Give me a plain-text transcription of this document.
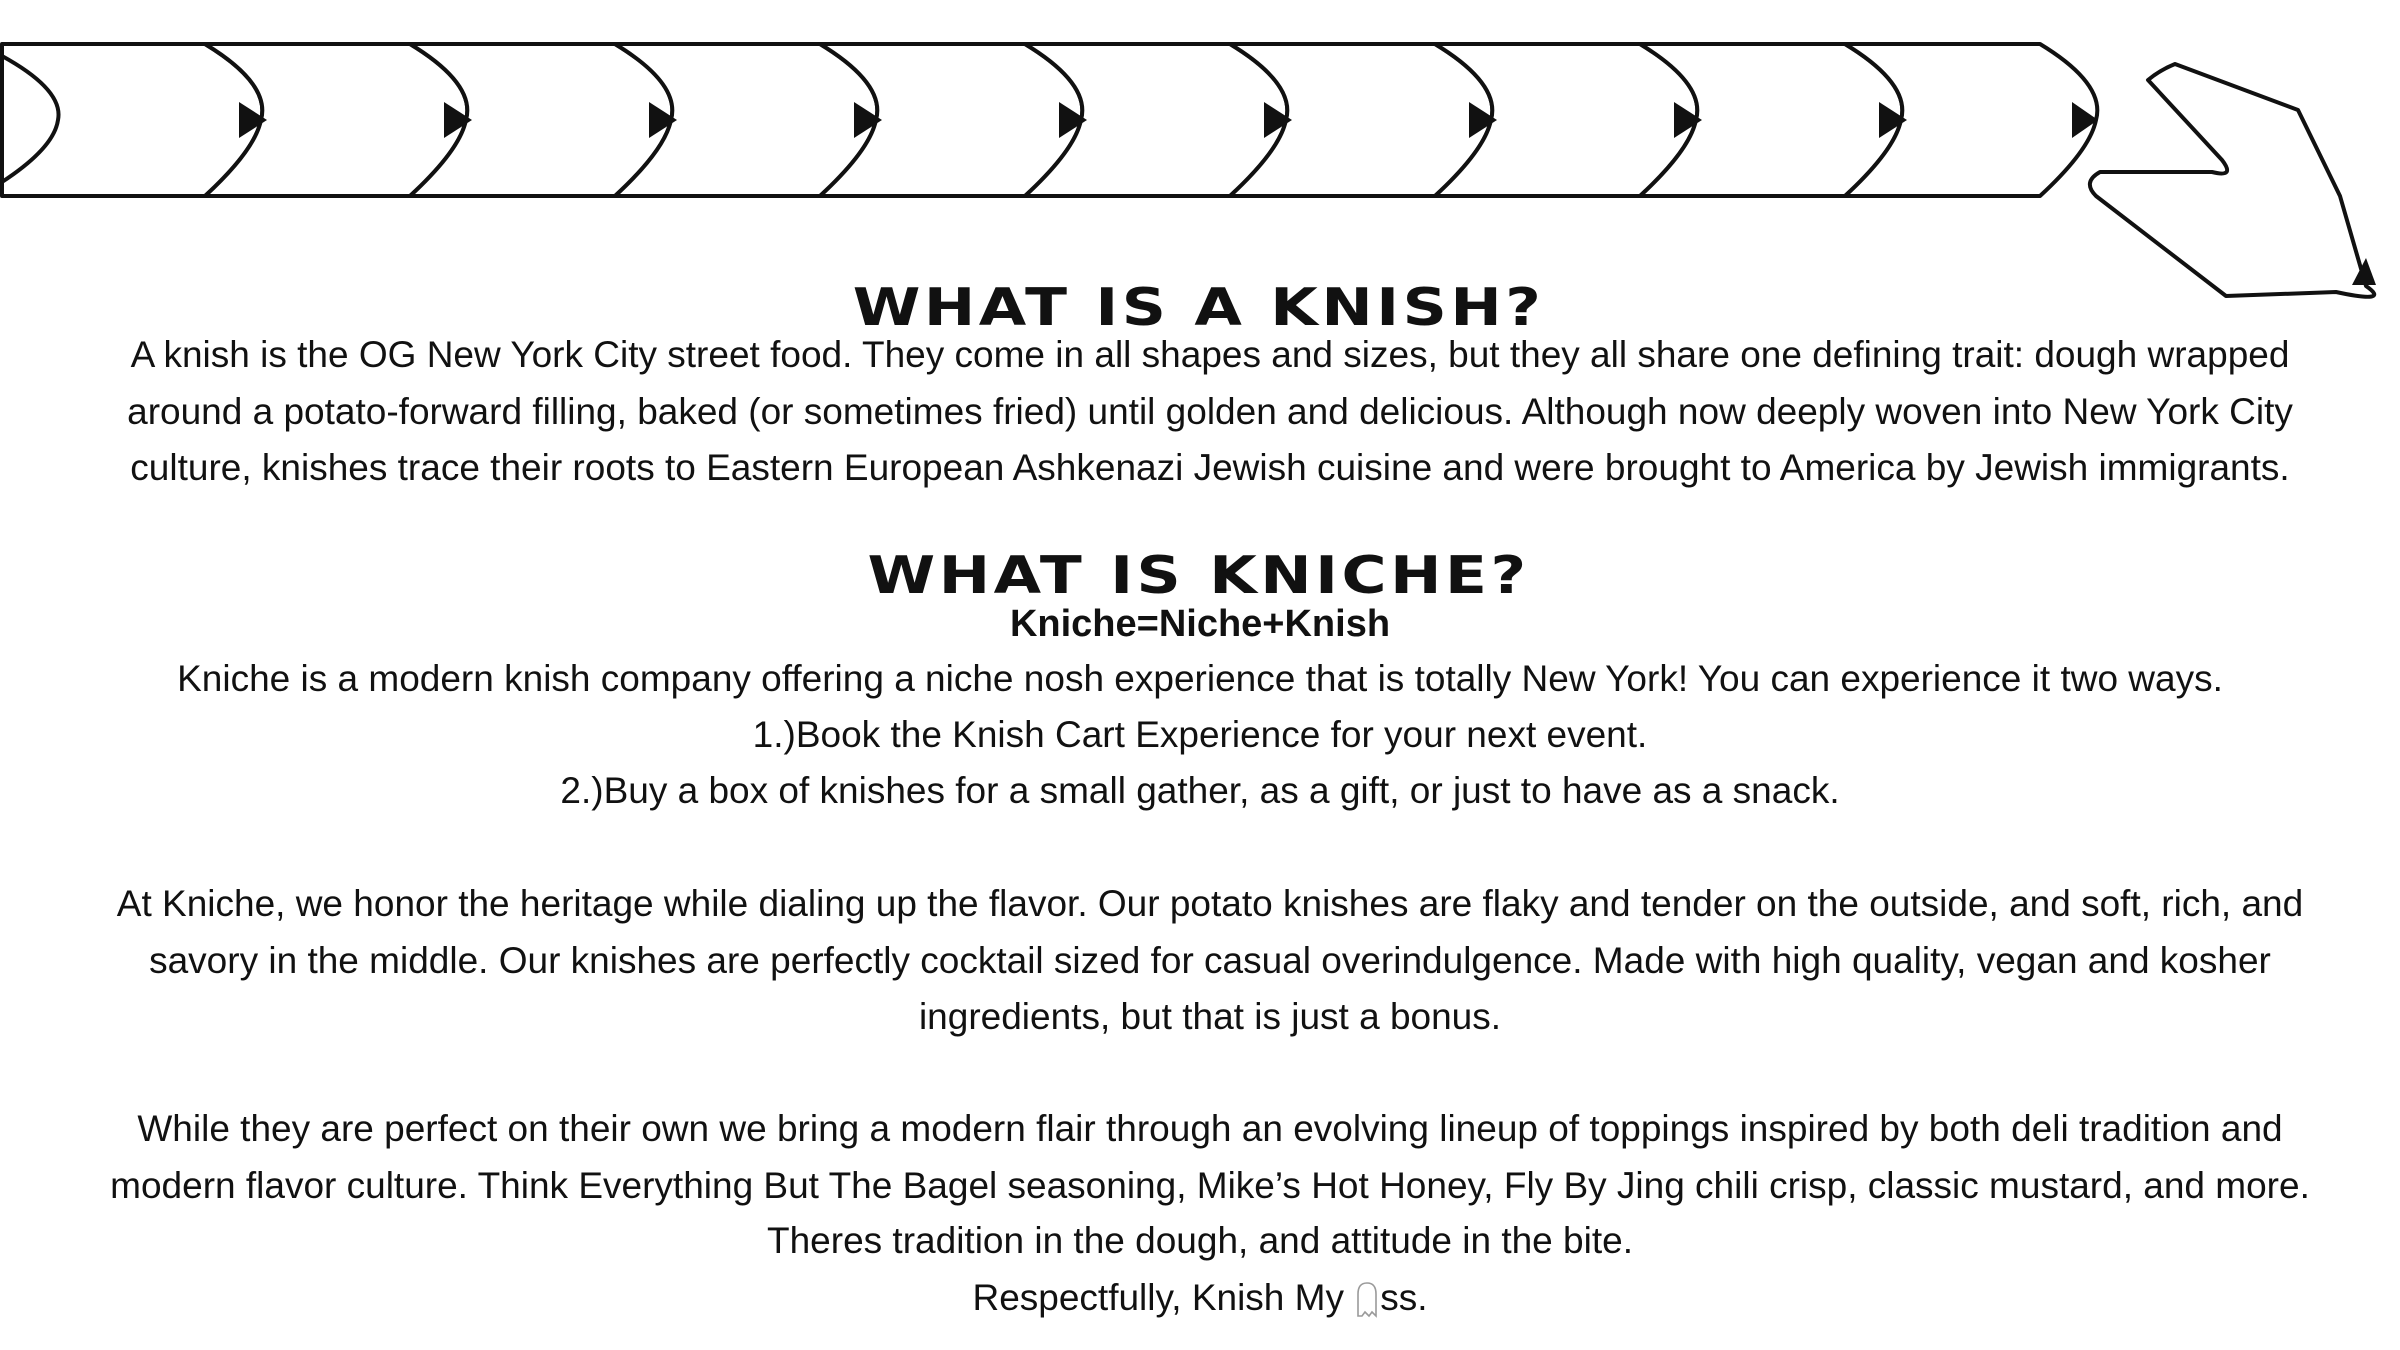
WHAT IS A KNISH?

A knish is the OG New York City street food. They come in all shapes and sizes, but they all share one defining trait: dough wrapped around a potato-forward filling, baked (or sometimes fried) until golden and delicious. Although now deeply woven into New York City culture, knishes trace their roots to Eastern European Ashkenazi Jewish cuisine and were brought to America by Jewish immigrants.

WHAT IS KNICHE?

Kniche=Niche+Knish

Kniche is a modern knish company offering a niche nosh experience that is totally New York! You can experience it two ways.

1.)Book the Knish Cart Experience for your next event.

2.)Buy a box of knishes for a small gather, as a gift, or just to have as a snack.

At Kniche, we honor the heritage while dialing up the flavor. Our potato knishes are flaky and tender on the outside, and soft, rich, and savory in the middle. Our knishes are perfectly cocktail sized for casual overindulgence. Made with high quality, vegan and kosher ingredients, but that is just a bonus.

While they are perfect on their own we bring a modern flair through an evolving lineup of toppings inspired by both deli tradition and modern flavor culture. Think Everything But The Bagel seasoning, Mike’s Hot Honey, Fly By Jing chili crisp, classic mustard, and more.

Theres tradition in the dough, and attitude in the bite.

Respectfully, Knish My ss.
